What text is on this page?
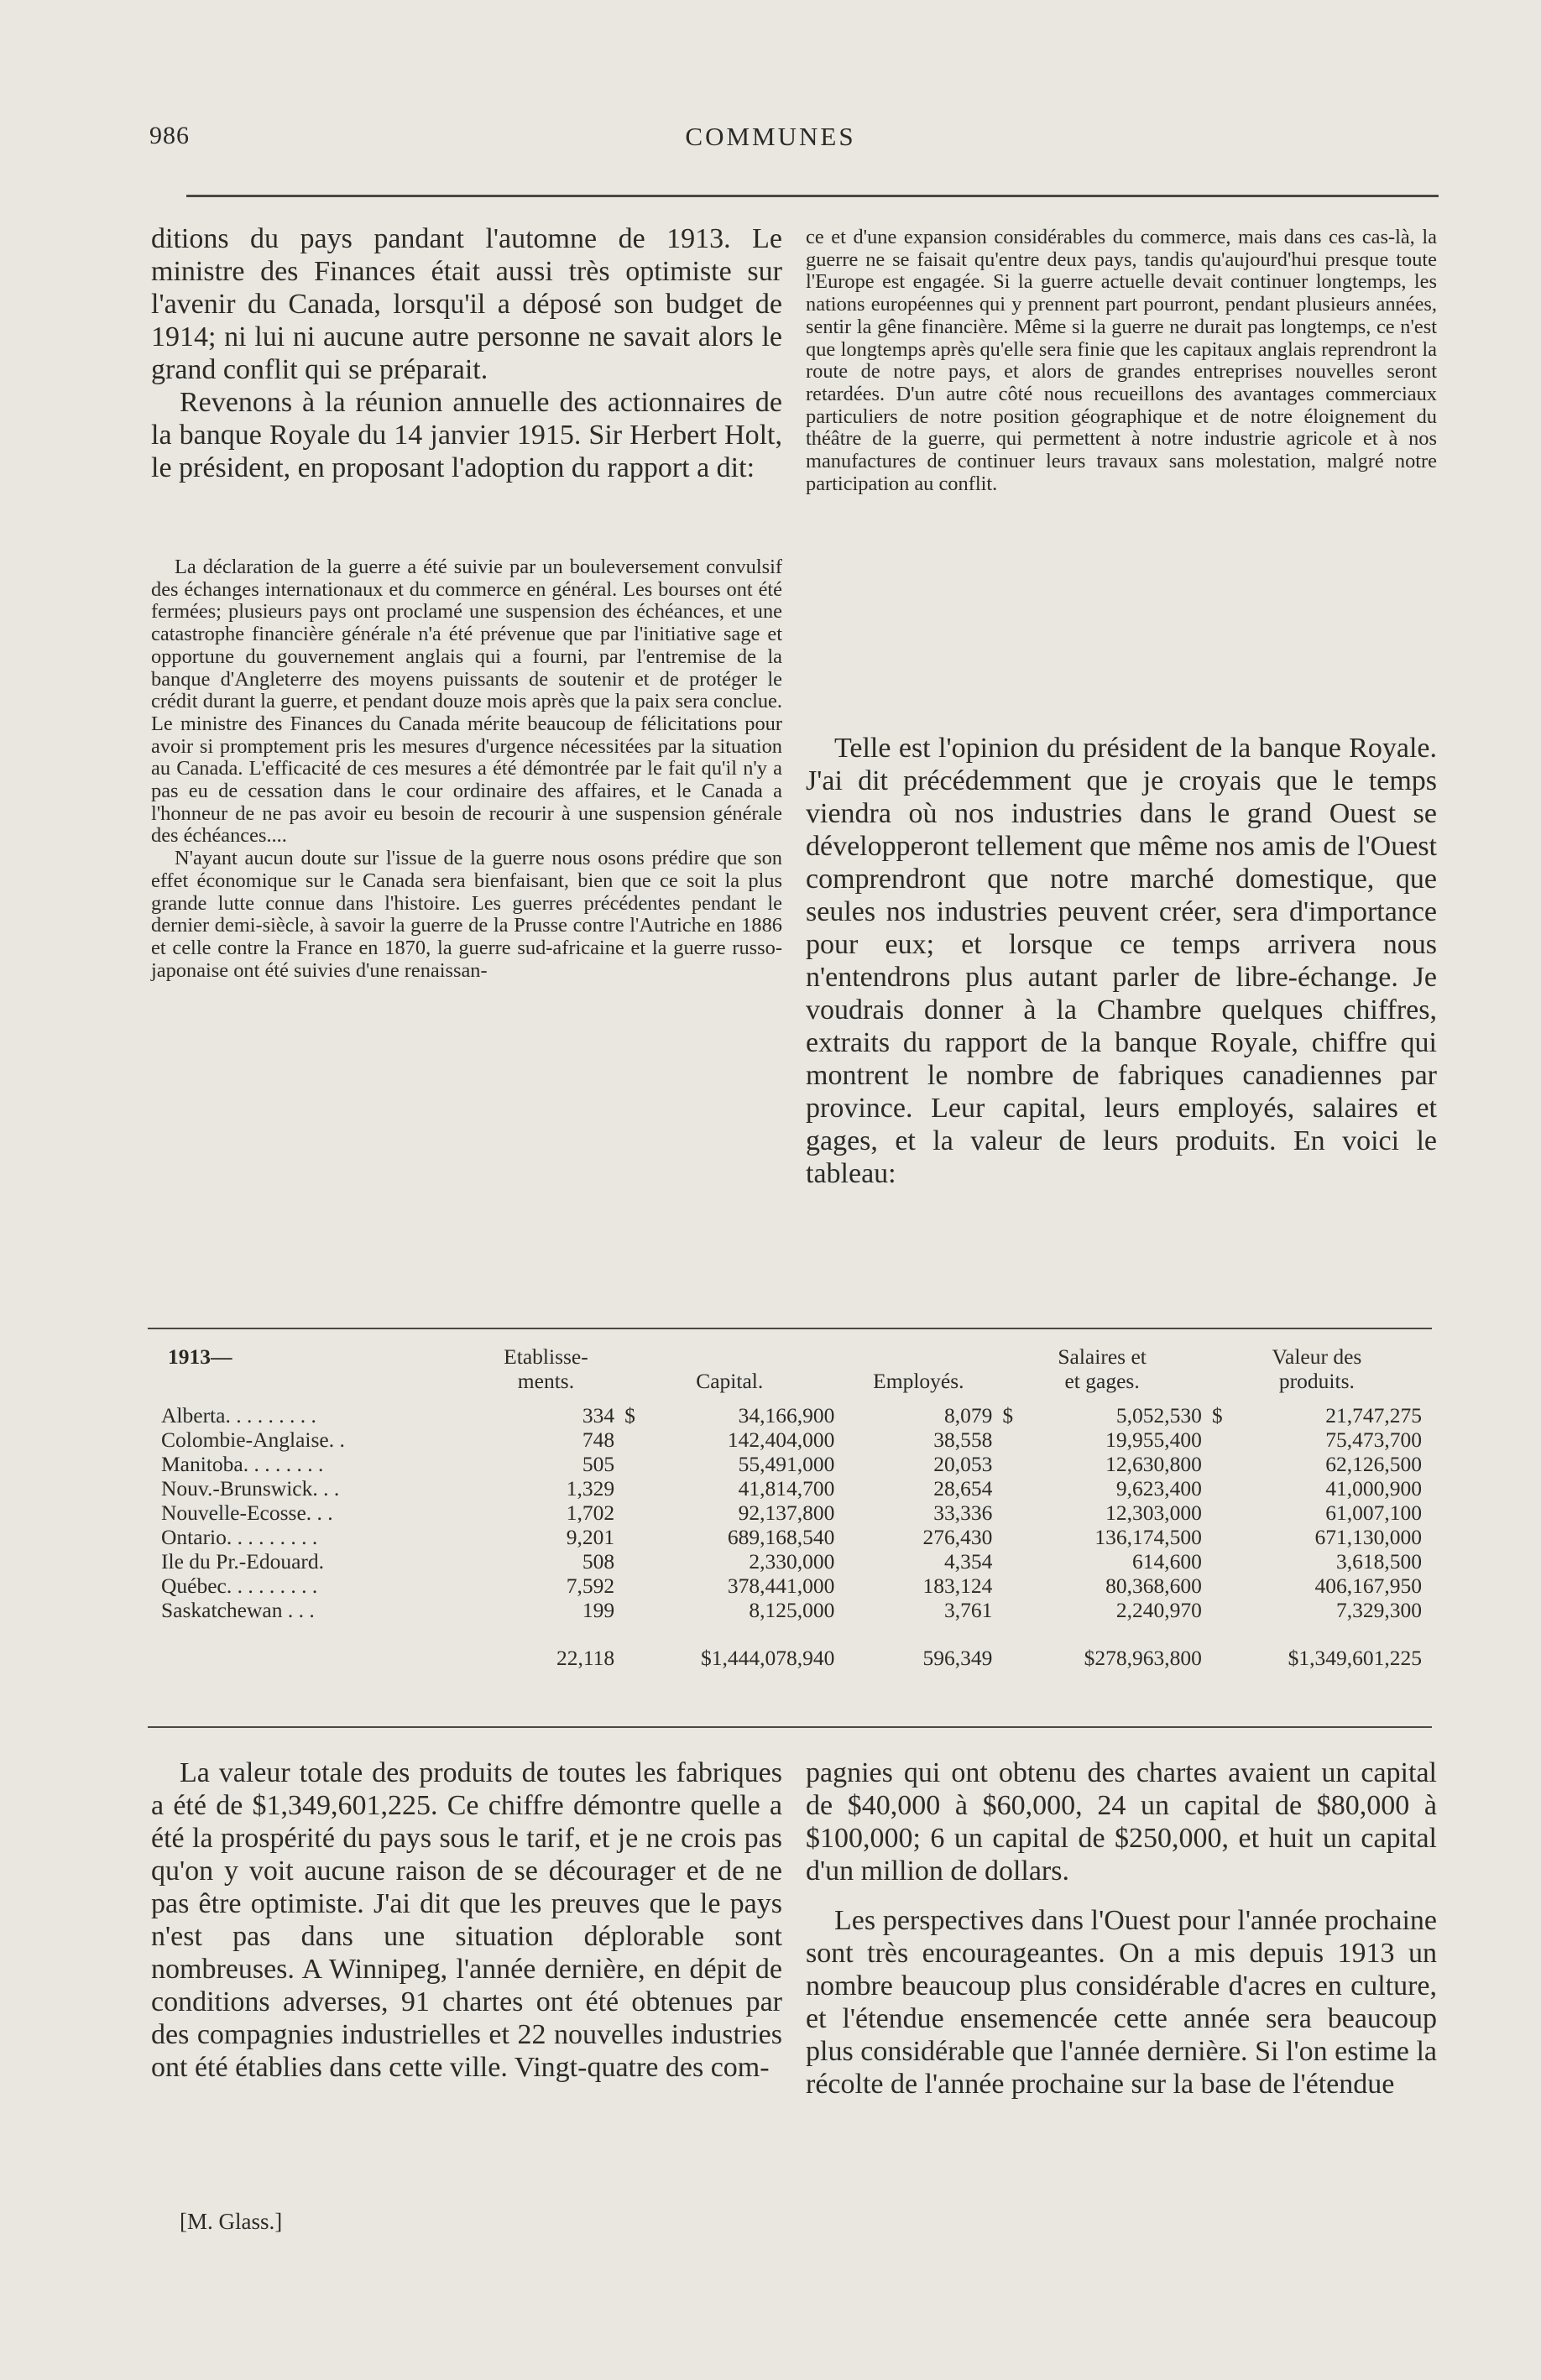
986	COMMUNES

ditions du pays pandant l'automne de 1913. Le ministre des Finances était aussi très optimiste sur l'avenir du Canada, lorsqu'il a déposé son budget de 1914; ni lui ni aucune autre personne ne savait alors le grand conflit qui se préparait.

Revenons à la réunion annuelle des actionnaires de la banque Royale du 14 janvier 1915. Sir Herbert Holt, le président, en proposant l'adoption du rapport a dit:

La déclaration de la guerre a été suivie par un bouleversement convulsif des échanges internationaux et du commerce en général. Les bourses ont été fermées; plusieurs pays ont proclamé une suspension des échéances, et une catastrophe financière générale n'a été prévenue que par l'initiative sage et opportune du gouvernement anglais qui a fourni, par l'entremise de la banque d'Angleterre des moyens puissants de soutenir et de protéger le crédit durant la guerre, et pendant douze mois après que la paix sera conclue. Le ministre des Finances du Canada mérite beaucoup de félicitations pour avoir si promptement pris les mesures d'urgence nécessitées par la situation au Canada. L'efficacité de ces mesures a été démontrée par le fait qu'il n'y a pas eu de cessation dans le cour ordinaire des affaires, et le Canada a l'honneur de ne pas avoir eu besoin de recourir à une suspension générale des échéances....

N'ayant aucun doute sur l'issue de la guerre nous osons prédire que son effet économique sur le Canada sera bienfaisant, bien que ce soit la plus grande lutte connue dans l'histoire. Les guerres précédentes pendant le dernier demi-siècle, à savoir la guerre de la Prusse contre l'Autriche en 1886 et celle contre la France en 1870, la guerre sud-africaine et la guerre russo-japonaise ont été suivies d'une renaissan-

ce et d'une expansion considérables du commerce, mais dans ces cas-là, la guerre ne se faisait qu'entre deux pays, tandis qu'aujourd'hui presque toute l'Europe est engagée. Si la guerre actuelle devait continuer longtemps, les nations européennes qui y prennent part pourront, pendant plusieurs années, sentir la gêne financière. Même si la guerre ne durait pas longtemps, ce n'est que longtemps après qu'elle sera finie que les capitaux anglais reprendront la route de notre pays, et alors de grandes entreprises nouvelles seront retardées. D'un autre côté nous recueillons des avantages commerciaux particuliers de notre position géographique et de notre éloignement du théâtre de la guerre, qui permettent à notre industrie agricole et à nos manufactures de continuer leurs travaux sans molestation, malgré notre participation au conflit.

Telle est l'opinion du président de la banque Royale. J'ai dit précédemment que je croyais que le temps viendra où nos industries dans le grand Ouest se développeront tellement que même nos amis de l'Ouest comprendront que notre marché domestique, que seules nos industries peuvent créer, sera d'importance pour eux; et lorsque ce temps arrivera nous n'entendrons plus autant parler de libre-échange. Je voudrais donner à la Chambre quelques chiffres, extraits du rapport de la banque Royale, chiffre qui montrent le nombre de fabriques canadiennes par province. Leur capital, leurs employés, salaires et gages, et la valeur de leurs produits. En voici le tableau:

1913—	Etablisse-
ments.	Capital.		Employés.	Salaires et
et gages.		Valeur des
produits.	
Alberta. . . . . . . . .	334	$	34,166,900	8,079	$	5,052,530	$	21,747,275
Colombie-Anglaise. .	748		142,404,000	38,558		19,955,400		75,473,700
Manitoba. . . . . . . .	505		55,491,000	20,053		12,630,800		62,126,500
Nouv.-Brunswick. . .	1,329		41,814,700	28,654		9,623,400		41,000,900
Nouvelle-Ecosse. . .	1,702		92,137,800	33,336		12,303,000		61,007,100
Ontario. . . . . . . . .	9,201		689,168,540	276,430		136,174,500		671,130,000
Ile du Pr.-Edouard.	508		2,330,000	4,354		614,600		3,618,500
Québec. . . . . . . . .	7,592		378,441,000	183,124		80,368,600		406,167,950
Saskatchewan . . .	199		8,125,000	3,761		2,240,970		7,329,300
	22,118	$1,444,078,940		596,349	$278,963,800		$1,349,601,225	

La valeur totale des produits de toutes les fabriques a été de $1,349,601,225. Ce chiffre démontre quelle a été la prospérité du pays sous le tarif, et je ne crois pas qu'on y voit aucune raison de se décourager et de ne pas être optimiste. J'ai dit que les preuves que le pays n'est pas dans une situation déplorable sont nombreuses. A Winnipeg, l'année dernière, en dépit de conditions adverses, 91 chartes ont été obtenues par des compagnies industrielles et 22 nouvelles industries ont été établies dans cette ville. Vingt-quatre des com-

[M. Glass.]

pagnies qui ont obtenu des chartes avaient un capital de $40,000 à $60,000, 24 un capital de $80,000 à $100,000; 6 un capital de $250,000, et huit un capital d'un million de dollars.

Les perspectives dans l'Ouest pour l'année prochaine sont très encourageantes. On a mis depuis 1913 un nombre beaucoup plus considérable d'acres en culture, et l'étendue ensemencée cette année sera beaucoup plus considérable que l'année dernière. Si l'on estime la récolte de l'année prochaine sur la base de l'étendue
